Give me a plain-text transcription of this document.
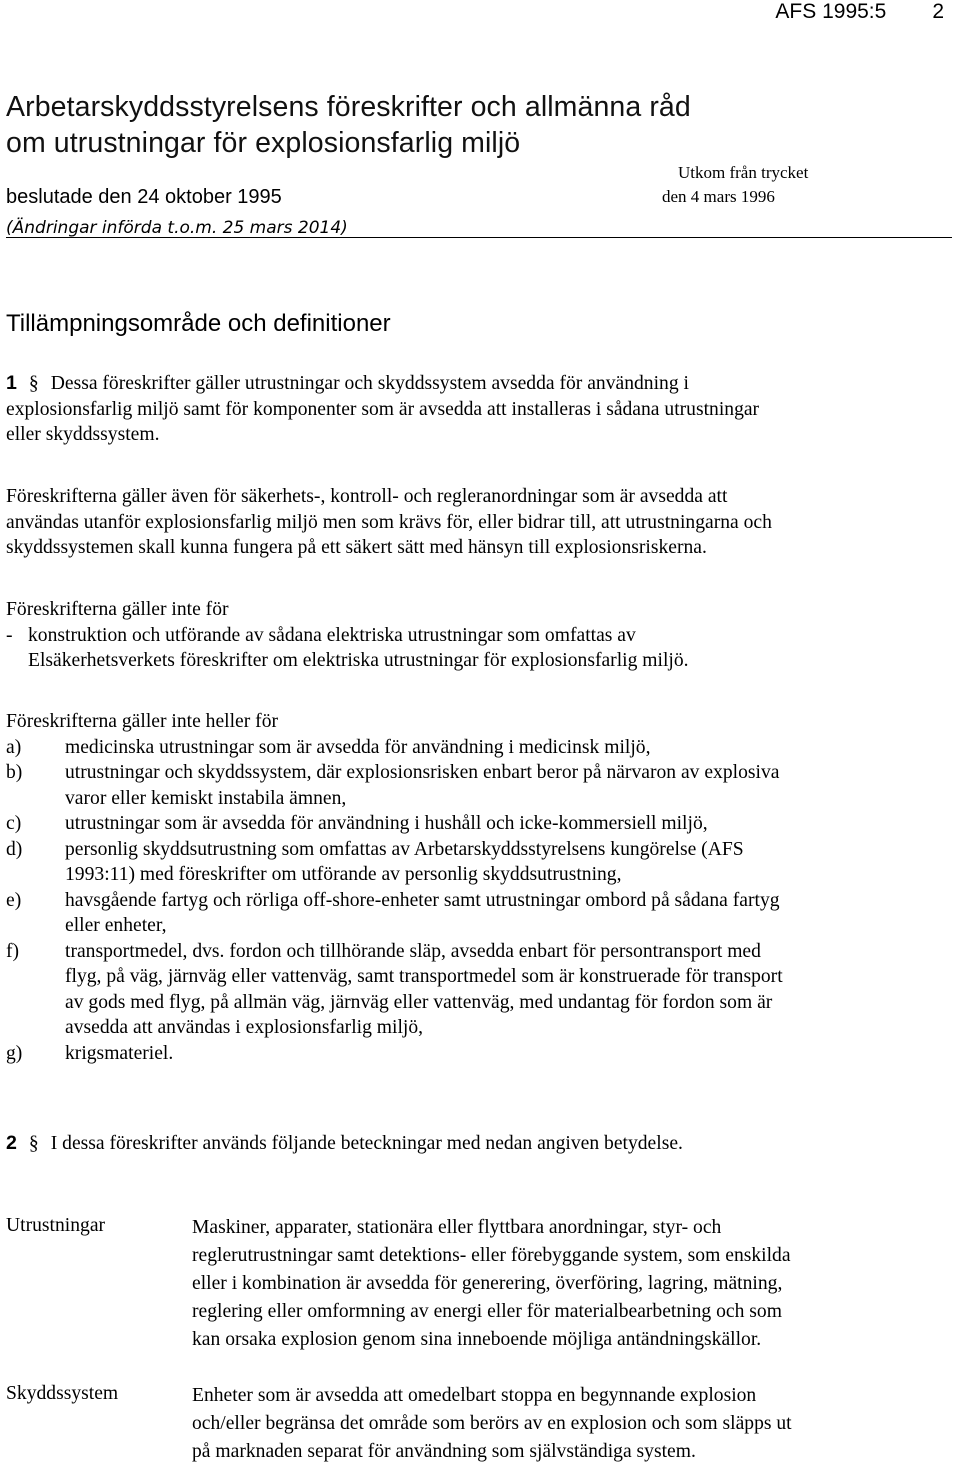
AFS 1995:5 2
Arbetarskyddsstyrelsens föreskrifter och allmänna råd
om utrustningar för explosionsfarlig miljö
beslutade den 24 oktober 1995
Utkom från trycket
den 4 mars 1996
(Ändringar införda t.o.m. 25 mars 2014)
Tillämpningsområde och definitioner
1 § Dessa föreskrifter gäller utrustningar och skyddssystem avsedda för användning i
explosionsfarlig miljö samt för komponenter som är avsedda att installeras i sådana utrustningar
eller skyddssystem.
Föreskrifterna gäller även för säkerhets-, kontroll- och regleranordningar som är avsedda att
användas utanför explosionsfarlig miljö men som krävs för, eller bidrar till, att utrustningarna och
skyddssystemen skall kunna fungera på ett säkert sätt med hänsyn till explosionsriskerna.
Föreskrifterna gäller inte för
- konstruktion och utförande av sådana elektriska utrustningar som omfattas av
Elsäkerhetsverkets föreskrifter om elektriska utrustningar för explosionsfarlig miljö.
Föreskrifterna gäller inte heller för
a)	medicinska utrustningar som är avsedda för användning i medicinsk miljö,
b)	utrustningar och skyddssystem, där explosionsrisken enbart beror på närvaron av explosiva
varor eller kemiskt instabila ämnen,
c)	utrustningar som är avsedda för användning i hushåll och icke-kommersiell miljö,
d)	personlig skyddsutrustning som omfattas av Arbetarskyddsstyrelsens kungörelse (AFS
1993:11) med föreskrifter om utförande av personlig skyddsutrustning,
e)	havsgående fartyg och rörliga off-shore-enheter samt utrustningar ombord på sådana fartyg
eller enheter,
f)	transportmedel, dvs. fordon och tillhörande släp, avsedda enbart för persontransport med
flyg, på väg, järnväg eller vattenväg, samt transportmedel som är konstruerade för transport
av gods med flyg, på allmän väg, järnväg eller vattenväg, med undantag för fordon som är
avsedda att användas i explosionsfarlig miljö,
g)	krigsmateriel.
2 § I dessa föreskrifter används följande beteckningar med nedan angiven betydelse.
Utrustningar	Maskiner, apparater, stationära eller flyttbara anordningar, styr- och
reglerutrustningar samt detektions- eller förebyggande system, som enskilda
eller i kombination är avsedda för generering, överföring, lagring, mätning,
reglering eller omformning av energi eller för materialbearbetning och som
kan orsaka explosion genom sina inneboende möjliga antändningskällor.
Skyddssystem	Enheter som är avsedda att omedelbart stoppa en begynnande explosion
och/eller begränsa det område som berörs av en explosion och som släpps ut
på marknaden separat för användning som självständiga system.
